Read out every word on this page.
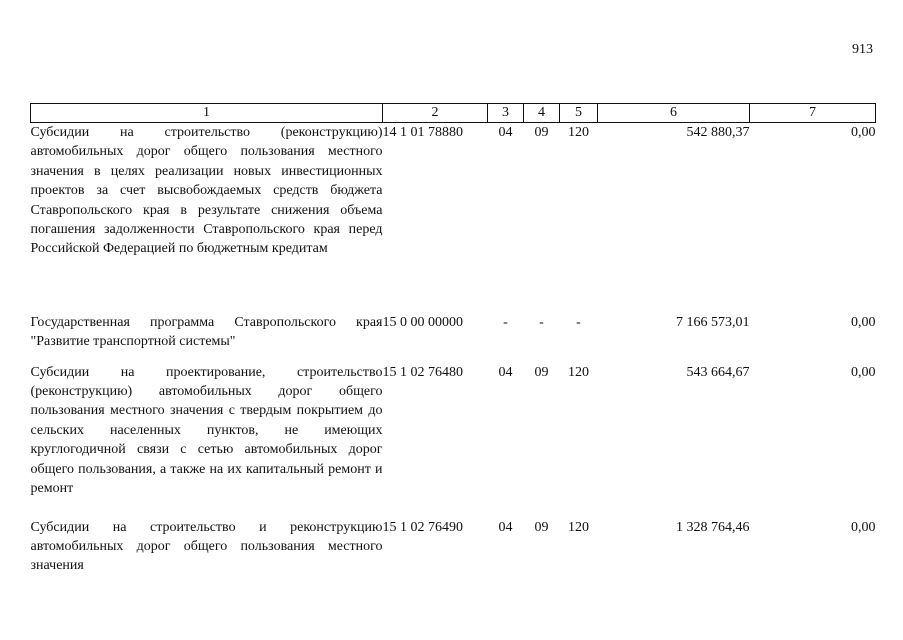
913
1	2	3	4	5	6	7
Субсидии на строительство (реконструкцию) автомобильных дорог общего пользования местного значения в целях реализации новых инвестиционных проектов за счет высвобождаемых средств бюджета Ставропольского края в результате снижения объема погашения задолженности Ставропольского края перед Российской Федерацией по бюджетным кредитам	14 1 01 78880	04	09	120	542 880,37	0,00
Государственная программа Ставропольского края "Развитие транспортной системы"	15 0 00 00000	-	-	-	7 166 573,01	0,00
Субсидии на проектирование, строительство (реконструкцию) автомобильных дорог общего пользования местного значения с твердым покрытием до сельских населенных пунктов, не имеющих круглогодичной связи с сетью автомобильных дорог общего пользования, а также на их капитальный ремонт и ремонт	15 1 02 76480	04	09	120	543 664,67	0,00
Субсидии на строительство и реконструкцию автомобильных дорог общего пользования местного значения	15 1 02 76490	04	09	120	1 328 764,46	0,00
